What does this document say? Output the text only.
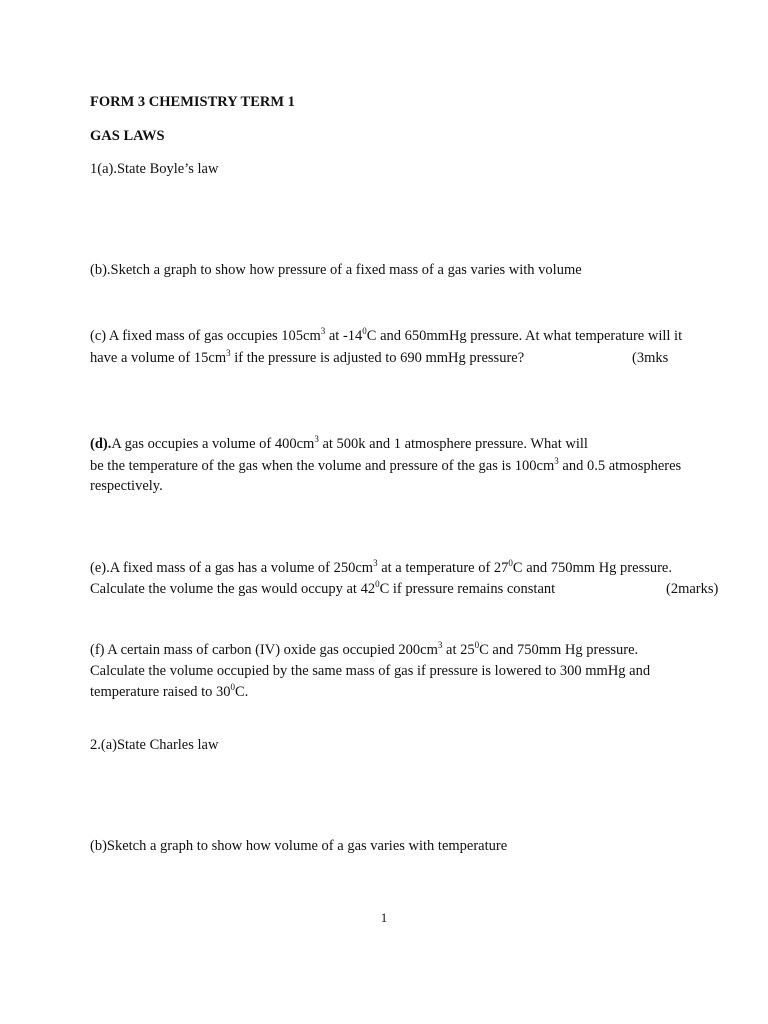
FORM 3 CHEMISTRY TERM 1
GAS LAWS
1(a).State Boyle’s law
(b).Sketch a graph to show how pressure of a fixed mass of a gas varies with volume
(c) A fixed mass of gas occupies $105cm^3$ at $-14^0C$ and 650mmHg pressure. At what temperature will it
have a volume of $15cm^3$ if the pressure is adjusted to 690 mmHg pressure?	(3mks
(d).A gas occupies a volume of $400cm^3$ at 500k and 1 atmosphere pressure. What will
be the temperature of the gas when the volume and pressure of the gas is $100cm^3$ and 0.5 atmospheres
respectively.
(e).A fixed mass of a gas has a volume of $250cm^3$ at a temperature of $27^0C$ and 750mm Hg pressure.
Calculate the volume the gas would occupy at $42^0C$ if pressure remains constant	(2marks)
(f) A certain mass of carbon (IV) oxide gas occupied $200cm^3$ at $25^0C$ and 750mm Hg pressure.
Calculate the volume occupied by the same mass of gas if pressure is lowered to 300 mmHg and
temperature raised to $30^0C$.
2.(a)State Charles law
(b)Sketch a graph to show how volume of a gas varies with temperature
1
